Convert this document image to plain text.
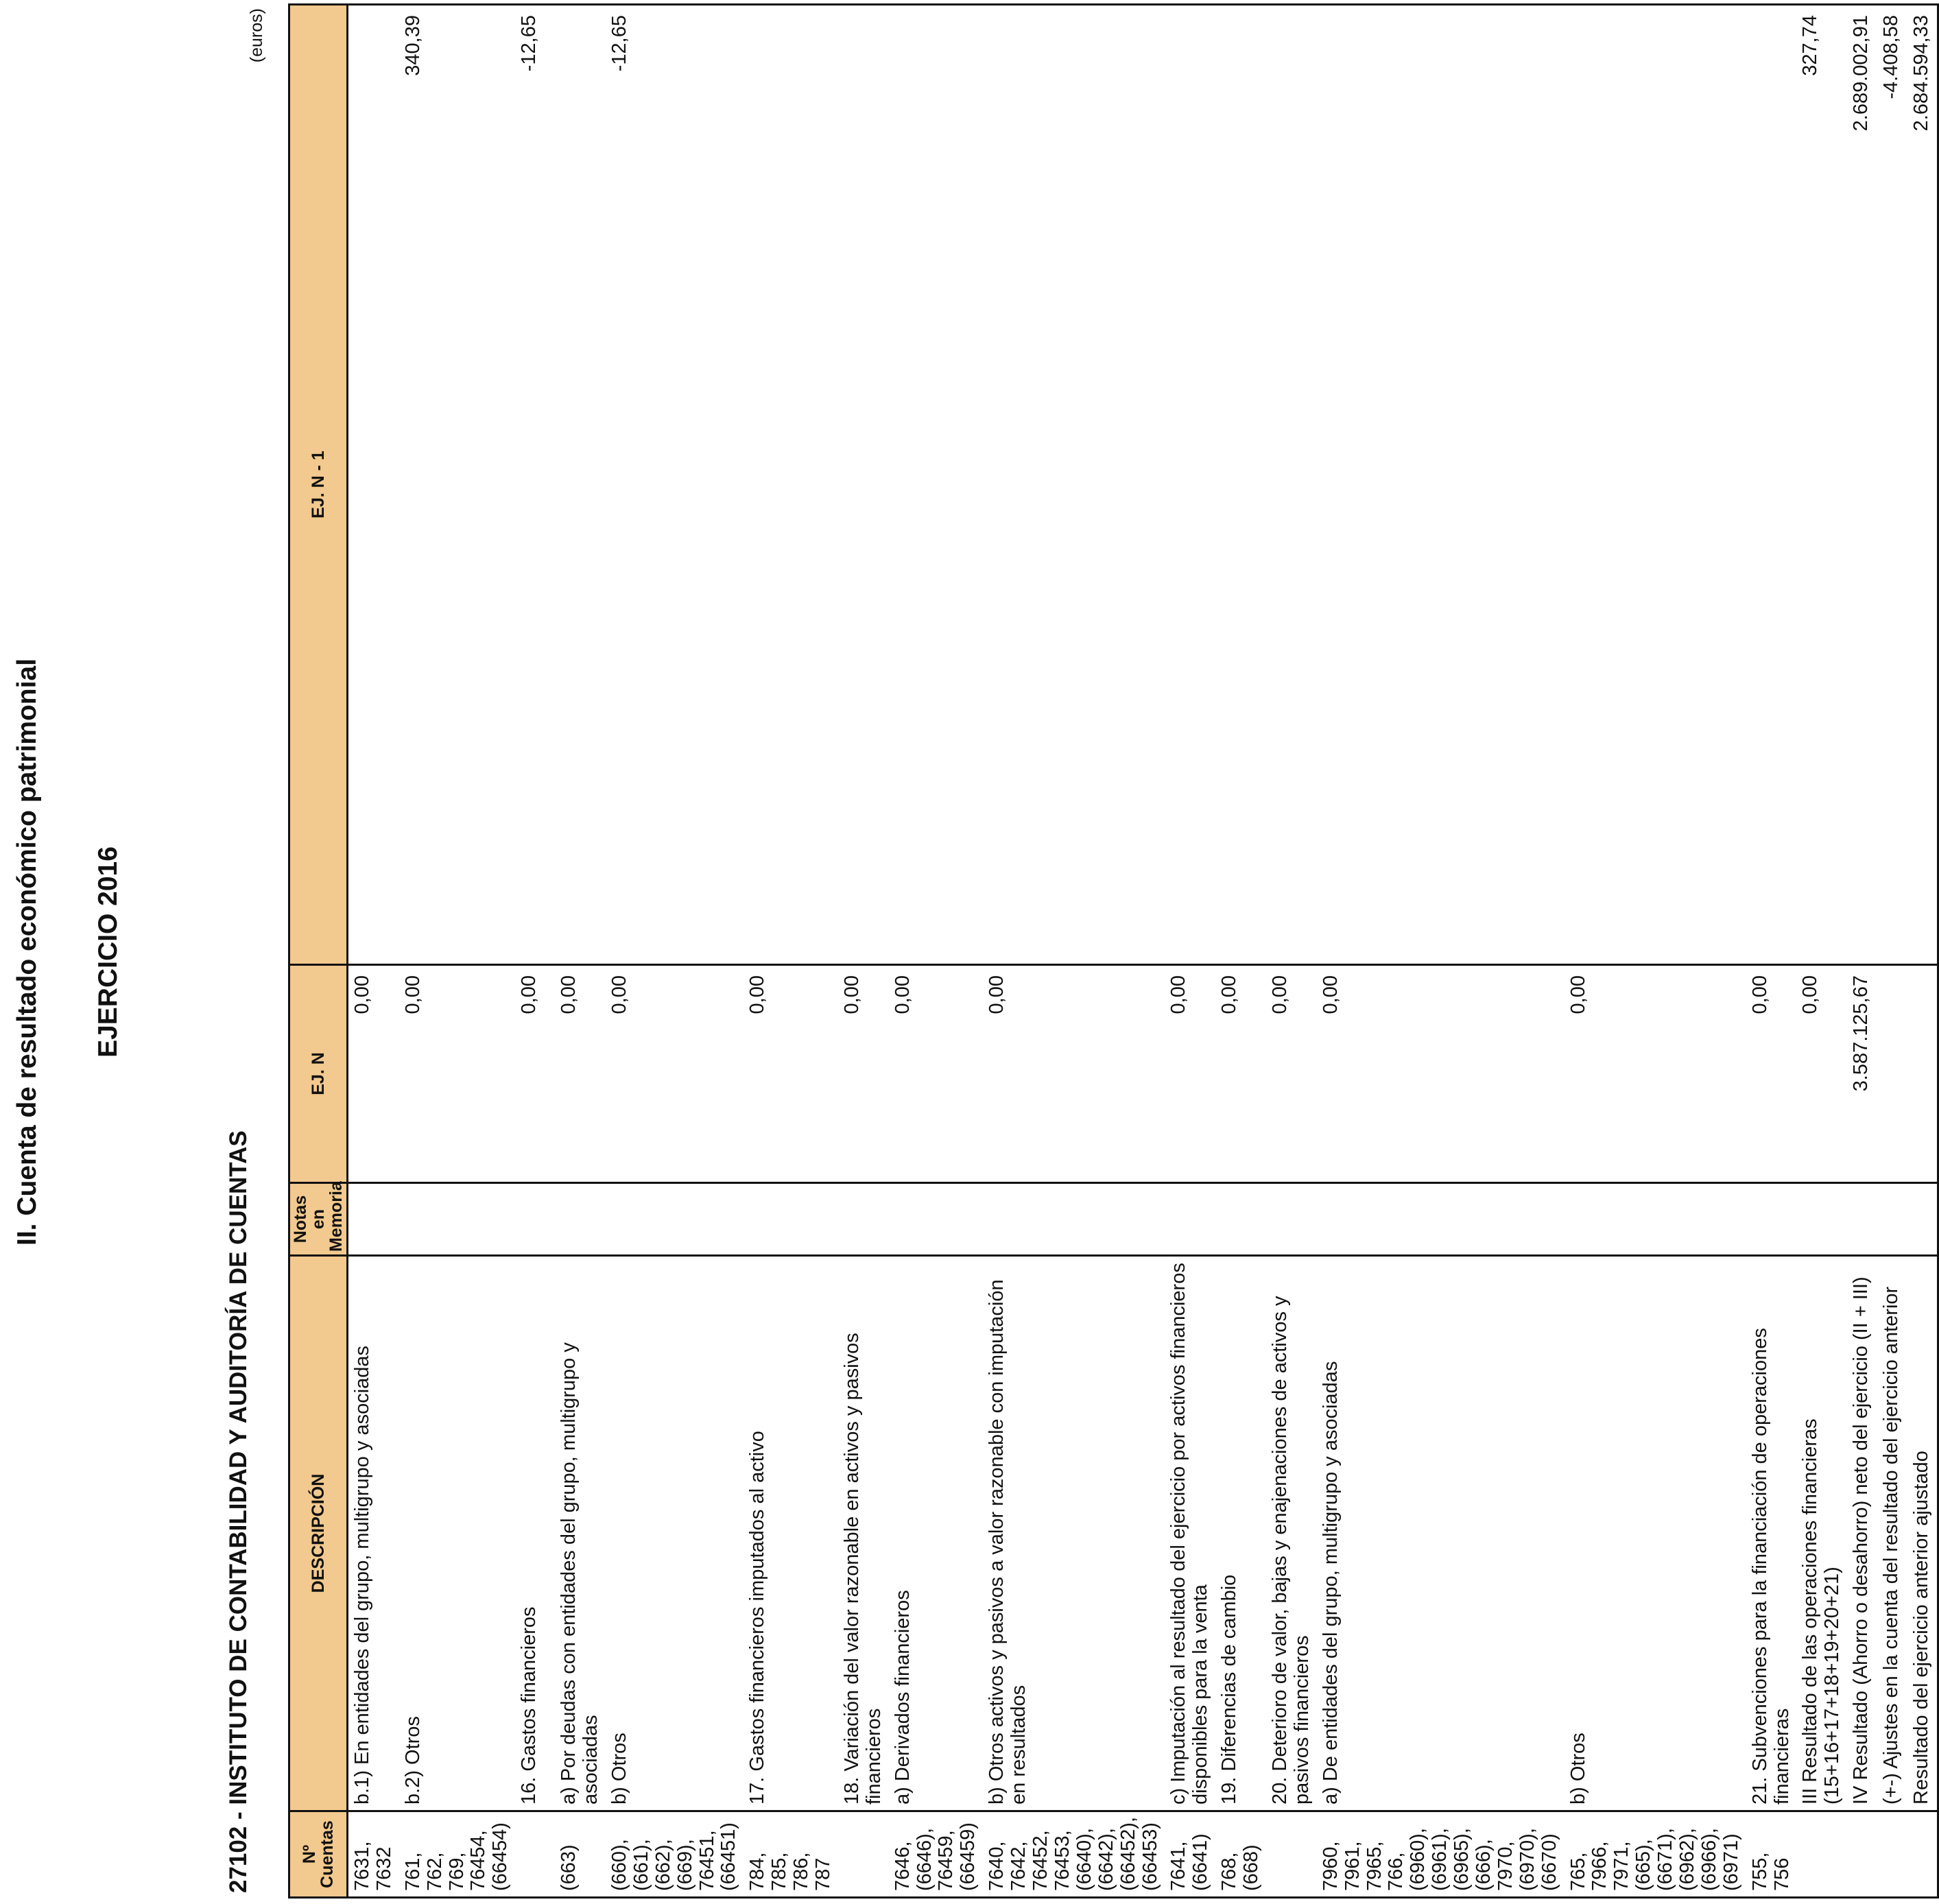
II. Cuenta de resultado económico patrimonial EJERCICIO 2016
27102 - INSTITUTO DE CONTABILIDAD Y AUDITORÍA DE CUENTAS
(euros)
Nº Cuentas	DESCRIPCIÓN	Notas en Memoria	EJ. N	EJ. N - 1
7631, 7632	b.1) En entidades del grupo, multigrupo y asociadas		0,00	
761, 762, 769, 76454, (66454)	b.2) Otros		0,00	340,39
	16. Gastos financieros		0,00	-12,65
(663)	a) Por deudas con entidades del grupo, multigrupo y asociadas		0,00	
(660), (661), (662), (669), 76451, (66451)	b) Otros		0,00	-12,65
784, 785, 786, 787	17. Gastos financieros imputados al activo		0,00	
	18. Variación del valor razonable en activos y pasivos financieros		0,00	
7646, (6646), 76459, (66459)	a) Derivados financieros		0,00	
7640, 7642, 76452, 76453, (6640), (6642), (66452), (66453)	b) Otros activos y pasivos a valor razonable con imputación en resultados		0,00	
7641, (6641)	c) Imputación al resultado del ejercicio por activos financieros disponibles para la venta		0,00	
768, (668)	19. Diferencias de cambio		0,00	
	20. Deterioro de valor, bajas y enajenaciones de activos y pasivos financieros		0,00	
7960, 7961, 7965, 766, (6960), (6961), (6965), (666), 7970, (6970), (6670)	a) De entidades del grupo, multigrupo y asociadas		0,00	
765, 7966, 7971, (665), (6671), (6962), (6966), (6971)	b) Otros		0,00	
755, 756	21. Subvenciones para la financiación de operaciones financieras		0,00	
	III Resultado de las operaciones financieras (15+16+17+18+19+20+21)		0,00	327,74
	IV Resultado (Ahorro o desahorro) neto del ejercicio (II + III)		3.587.125,67	2.689.002,91
	(+-) Ajustes en la cuenta del resultado del ejercicio anterior			-4.408,58
	Resultado del ejercicio anterior ajustado			2.684.594,33
